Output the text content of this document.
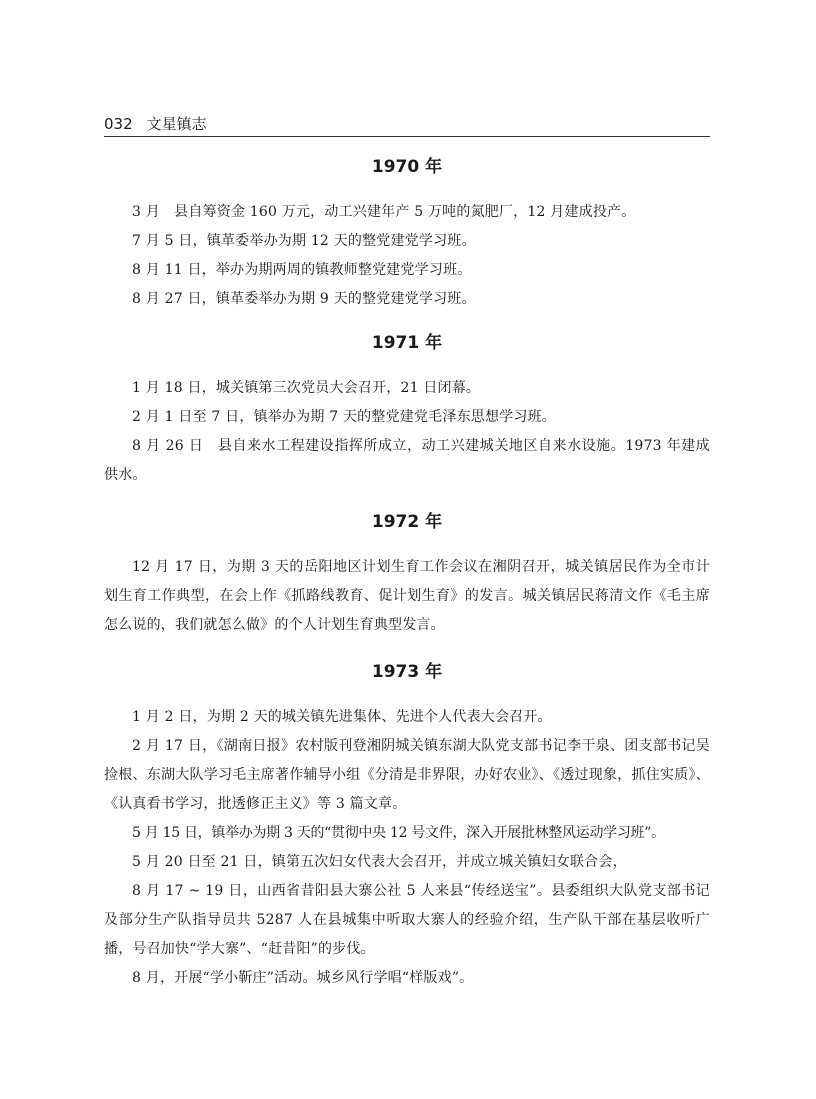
032 文星镇志
1970 年

3 月　县自筹资金 160 万元，动工兴建年产 5 万吨的氮肥厂，12 月建成投产。

7 月 5 日，镇革委举办为期 12 天的整党建党学习班。

8 月 11 日，举办为期两周的镇教师整党建党学习班。

8 月 27 日，镇革委举办为期 9 天的整党建党学习班。

1971 年

1 月 18 日，城关镇第三次党员大会召开，21 日闭幕。

2 月 1 日至 7 日，镇举办为期 7 天的整党建党毛泽东思想学习班。

8 月 26 日　县自来水工程建设指挥所成立，动工兴建城关地区自来水设施。1973 年建成供水。

1972 年

12 月 17 日，为期 3 天的岳阳地区计划生育工作会议在湘阴召开，城关镇居民作为全市计划生育工作典型，在会上作《抓路线教育、促计划生育》的发言。城关镇居民蒋清文作《毛主席怎么说的，我们就怎么做》的个人计划生育典型发言。

1973 年

1 月 2 日，为期 2 天的城关镇先进集体、先进个人代表大会召开。

2 月 17 日，《湖南日报》农村版刊登湘阴城关镇东湖大队党支部书记李干泉、团支部书记吴捡根、东湖大队学习毛主席著作辅导小组《分清是非界限，办好农业》、《透过现象，抓住实质》、《认真看书学习，批透修正主义》等 3 篇文章。

5 月 15 日，镇举办为期 3 天的“贯彻中央 12 号文件，深入开展批林整风运动学习班”。

5 月 20 日至 21 日，镇第五次妇女代表大会召开，并成立城关镇妇女联合会，

8 月 17 ~ 19 日，山西省昔阳县大寨公社 5 人来县“传经送宝”。县委组织大队党支部书记及部分生产队指导员共 5287 人在县城集中听取大寨人的经验介绍，生产队干部在基层收听广播，号召加快“学大寨”、“赶昔阳”的步伐。

8 月，开展“学小靳庄”活动。城乡风行学唱“样版戏”。
